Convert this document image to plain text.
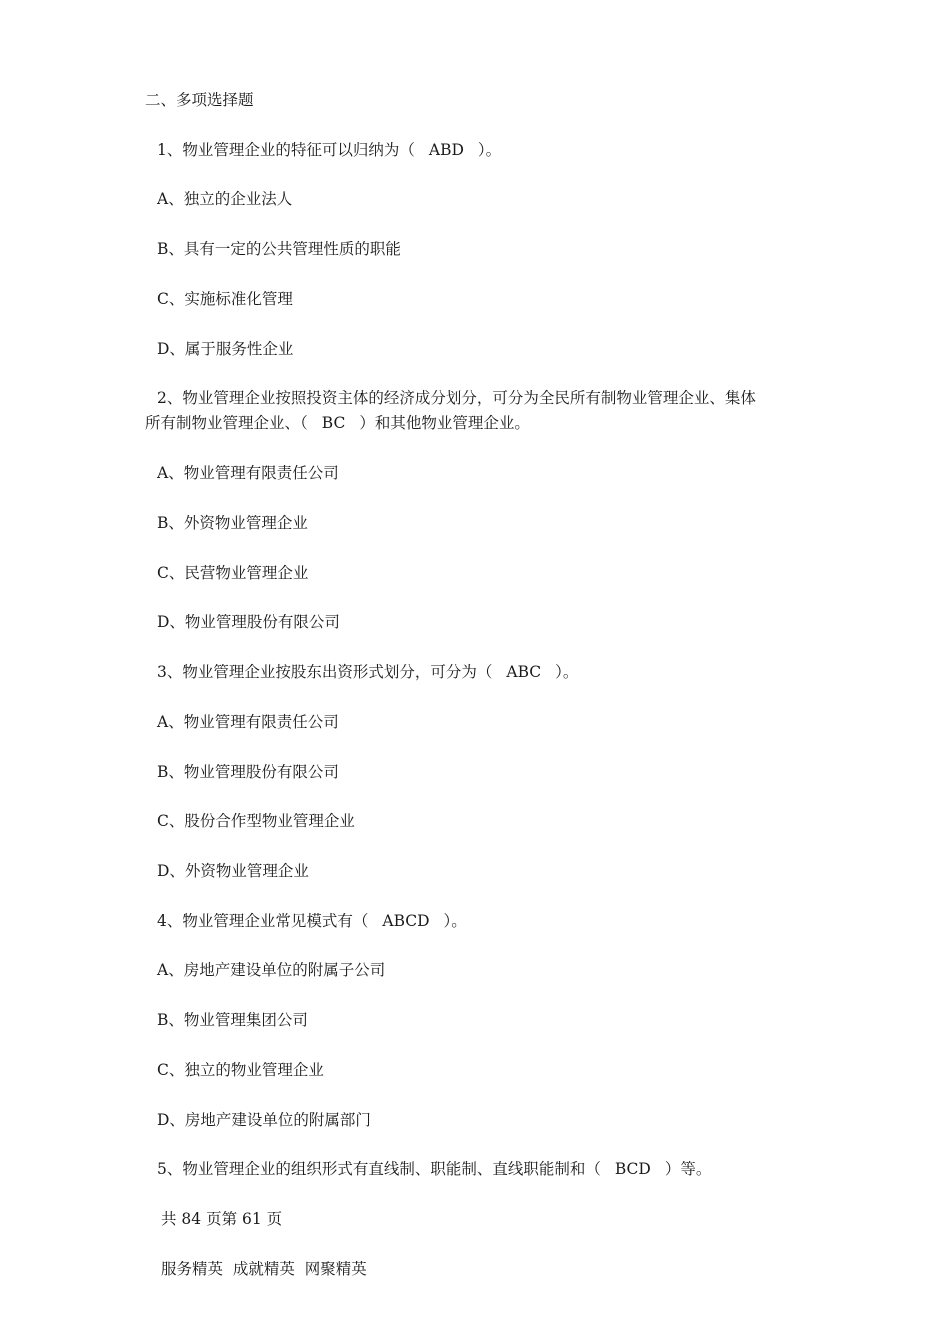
二、多项选择题
1、物业管理企业的特征可以归纳为（ ABD ）。
A、独立的企业法人
B、具有一定的公共管理性质的职能
C、实施标准化管理
D、属于服务性企业
2、物业管理企业按照投资主体的经济成分划分，可分为全民所有制物业管理企业、集体
所有制物业管理企业、（ BC ）和其他物业管理企业。
A、物业管理有限责任公司
B、外资物业管理企业
C、民营物业管理企业
D、物业管理股份有限公司
3、物业管理企业按股东出资形式划分，可分为（ ABC ）。
A、物业管理有限责任公司
B、物业管理股份有限公司
C、股份合作型物业管理企业
D、外资物业管理企业
4、物业管理企业常见模式有（ ABCD ）。
A、房地产建设单位的附属子公司
B、物业管理集团公司
C、独立的物业管理企业
D、房地产建设单位的附属部门
5、物业管理企业的组织形式有直线制、职能制、直线职能制和（ BCD ）等。
共 84 页第 61 页
服务精英  成就精英  网聚精英
